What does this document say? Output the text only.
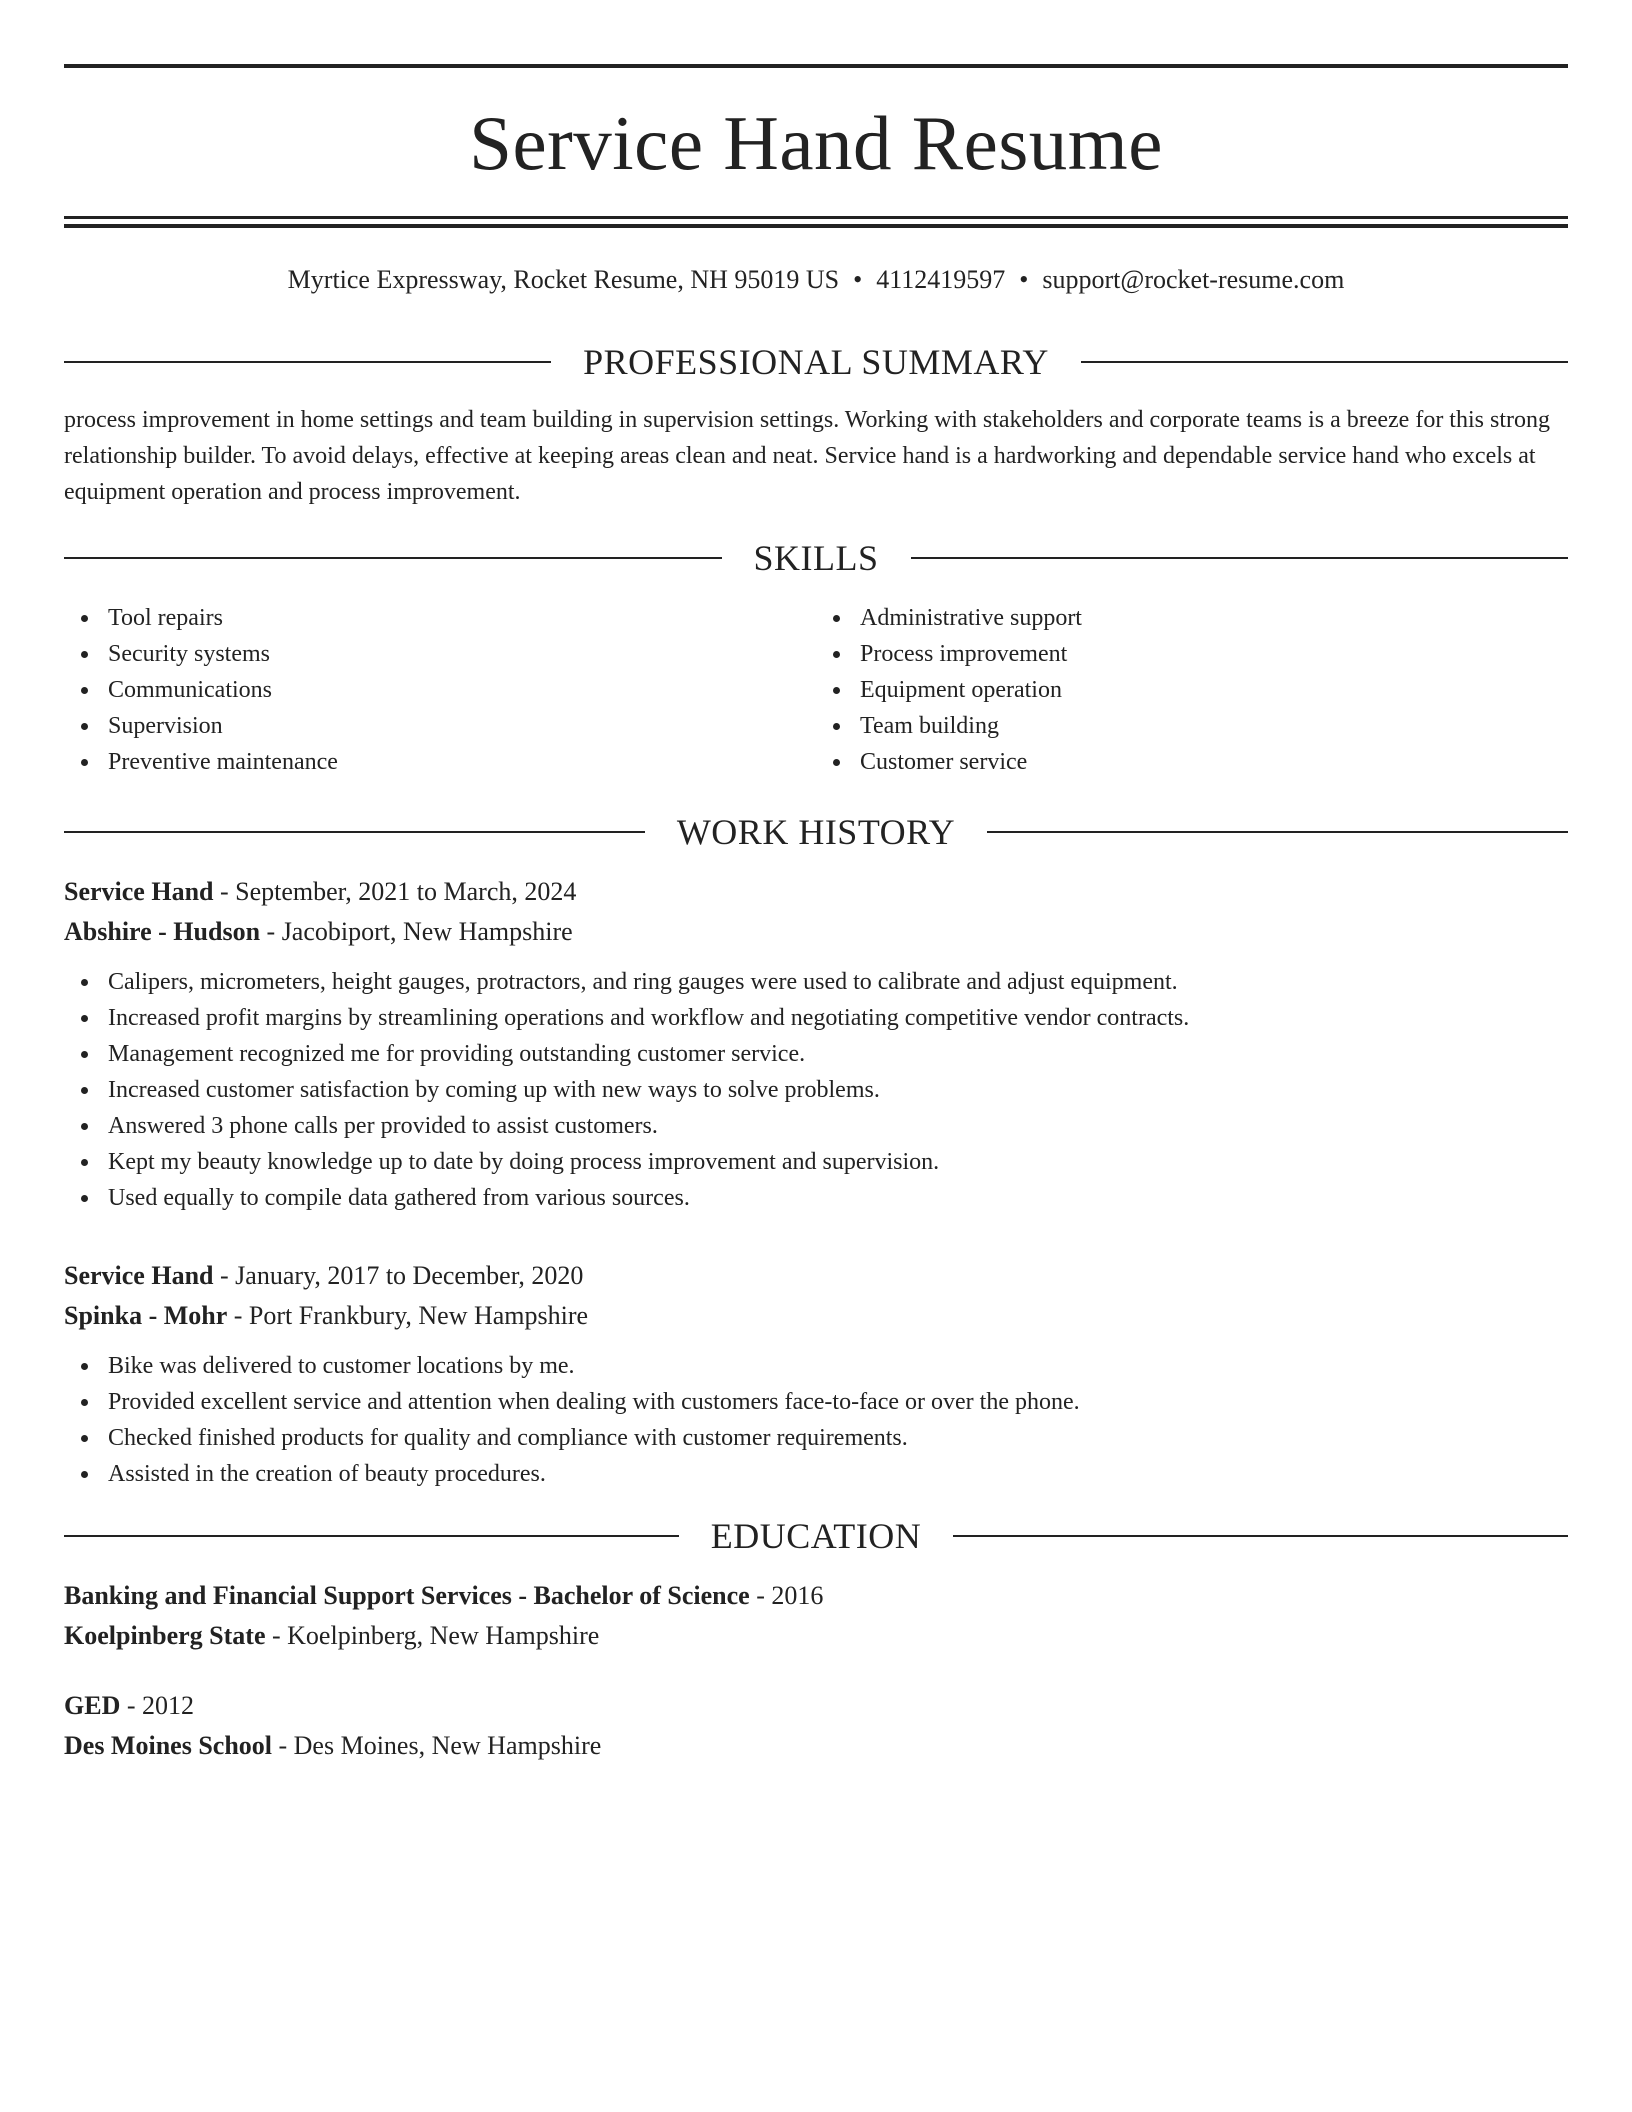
Service Hand Resume
Myrtice Expressway, Rocket Resume, NH 95019 US • 4112419597 • support@rocket-resume.com
PROFESSIONAL SUMMARY
process improvement in home settings and team building in supervision settings. Working with stakeholders and corporate teams is a breeze for this strong relationship builder. To avoid delays, effective at keeping areas clean and neat. Service hand is a hardworking and dependable service hand who excels at equipment operation and process improvement.
SKILLS
Tool repairs
Security systems
Communications
Supervision
Preventive maintenance
Administrative support
Process improvement
Equipment operation
Team building
Customer service
WORK HISTORY
Service Hand - September, 2021 to March, 2024
Abshire - Hudson - Jacobiport, New Hampshire
Calipers, micrometers, height gauges, protractors, and ring gauges were used to calibrate and adjust equipment.
Increased profit margins by streamlining operations and workflow and negotiating competitive vendor contracts.
Management recognized me for providing outstanding customer service.
Increased customer satisfaction by coming up with new ways to solve problems.
Answered 3 phone calls per provided to assist customers.
Kept my beauty knowledge up to date by doing process improvement and supervision.
Used equally to compile data gathered from various sources.
Service Hand - January, 2017 to December, 2020
Spinka - Mohr - Port Frankbury, New Hampshire
Bike was delivered to customer locations by me.
Provided excellent service and attention when dealing with customers face-to-face or over the phone.
Checked finished products for quality and compliance with customer requirements.
Assisted in the creation of beauty procedures.
EDUCATION
Banking and Financial Support Services - Bachelor of Science - 2016
Koelpinberg State - Koelpinberg, New Hampshire
GED - 2012
Des Moines School - Des Moines, New Hampshire
